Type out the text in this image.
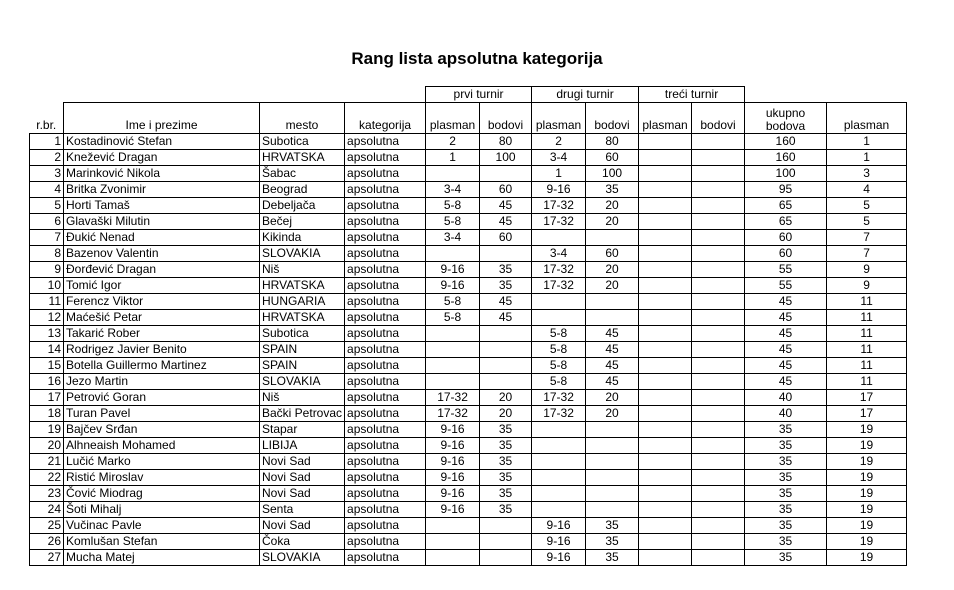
Rang lista apsolutna kategorija
				prvi turnir		drugi turnir		treći turnir			
r.br.	Ime i prezime	mesto	kategorija	plasman	bodovi	plasman	bodovi	plasman	bodovi	ukupno bodova	plasman
1	Kostadinović Stefan	Subotica	apsolutna	2	80	2	80			160	1
2	Knežević Dragan	HRVATSKA	apsolutna	1	100	3-4	60			160	1
3	Marinković Nikola	Šabac	apsolutna			1	100			100	3
4	Britka Zvonimir	Beograd	apsolutna	3-4	60	9-16	35			95	4
5	Horti Tamaš	Debeljača	apsolutna	5-8	45	17-32	20			65	5
6	Glavaški Milutin	Bečej	apsolutna	5-8	45	17-32	20			65	5
7	Đukić Nenad	Kikinda	apsolutna	3-4	60					60	7
8	Bazenov Valentin	SLOVAKIA	apsolutna			3-4	60			60	7
9	Đorđević Dragan	Niš	apsolutna	9-16	35	17-32	20			55	9
10	Tomić Igor	HRVATSKA	apsolutna	9-16	35	17-32	20			55	9
11	Ferencz Viktor	HUNGARIA	apsolutna	5-8	45					45	11
12	Maćešić Petar	HRVATSKA	apsolutna	5-8	45					45	11
13	Takarić Rober	Subotica	apsolutna			5-8	45			45	11
14	Rodrigez Javier Benito	SPAIN	apsolutna			5-8	45			45	11
15	Botella Guillermo Martinez	SPAIN	apsolutna			5-8	45			45	11
16	Jezo Martin	SLOVAKIA	apsolutna			5-8	45			45	11
17	Petrović Goran	Niš	apsolutna	17-32	20	17-32	20			40	17
18	Turan Pavel	Bački Petrovac	apsolutna	17-32	20	17-32	20			40	17
19	Bajčev Srđan	Stapar	apsolutna	9-16	35					35	19
20	Alhneaish Mohamed	LIBIJA	apsolutna	9-16	35					35	19
21	Lučić Marko	Novi Sad	apsolutna	9-16	35					35	19
22	Ristić Miroslav	Novi Sad	apsolutna	9-16	35					35	19
23	Čović Miodrag	Novi Sad	apsolutna	9-16	35					35	19
24	Šoti Mihalj	Senta	apsolutna	9-16	35					35	19
25	Vučinac Pavle	Novi Sad	apsolutna			9-16	35			35	19
26	Komlušan Stefan	Čoka	apsolutna			9-16	35			35	19
27	Mucha Matej	SLOVAKIA	apsolutna			9-16	35			35	19
